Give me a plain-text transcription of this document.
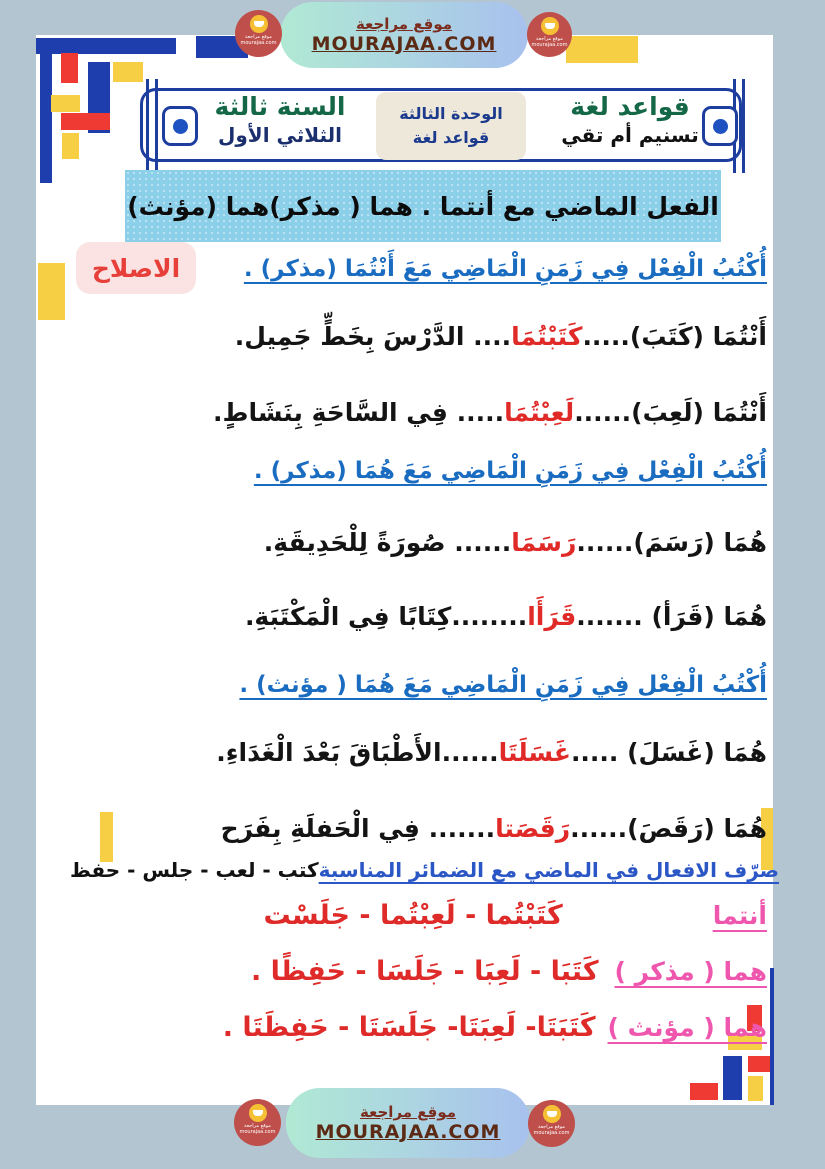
موقع مراجعة
MOURAJAA.COM
موقع مراجعة
mourajaa.com
موقع مراجعة
mourajaa.com
قواعد لغة
تسنيم أم تقي
الوحدة الثالثة
قواعد لغة
السنة ثالثة
الثلاثي الأول
الفعل الماضي مع أنتما . هما ( مذكر)هما (مؤنث)
الاصلاح	أُكْتُبُ الْفِعْل فِي زَمَنِ الْمَاضِي مَعَ أَنْتُمَا (مذكر) .
أَنْتُمَا (كَتَبَ).....كَتَبْتُمَا.... الدَّرْسَ بِخَطٍّ جَمِيل.
أَنْتُمَا (لَعِبَ)......لَعِبْتُمَا..... فِي السَّاحَةِ بِنَشَاطٍ.
أُكْتُبُ الْفِعْل فِي زَمَنِ الْمَاضِي مَعَ هُمَا (مذكر) .
هُمَا (رَسَمَ)......رَسَمَا...... صُورَةً لِلْحَدِيقَةِ.
هُمَا (قَرَأ) .......قَرَأَا........كِتَابًا فِي الْمَكْتَبَةِ.
أُكْتُبُ الْفِعْل فِي زَمَنِ الْمَاضِي مَعَ هُمَا ( مؤنث) .
هُمَا (غَسَلَ) .....غَسَلَتَا......الأَطْبَاقَ بَعْدَ الْغَدَاءِ.
هُمَا (رَقَصَ)......رَقَصَتا....... فِي الْحَفلَةِ بِفَرَح
صرّف الافعال في الماضي مع الضمائر المناسبةكتب - لعب - جلس - حفظ
أنتما
كَتَبْتُما - لَعِبْتُما - جَلَسْت
هما ( مذكر )
كَتَبَا - لَعِبَا - جَلَسَا - حَفِظًا .
هما ( مؤنث )
كَتَبَتَا- لَعِبَتَا- جَلَسَتَا - حَفِظَتَا .
موقع مراجعة
MOURAJAA.COM
موقع مراجعة
mourajaa.com
موقع مراجعة
mourajaa.com
